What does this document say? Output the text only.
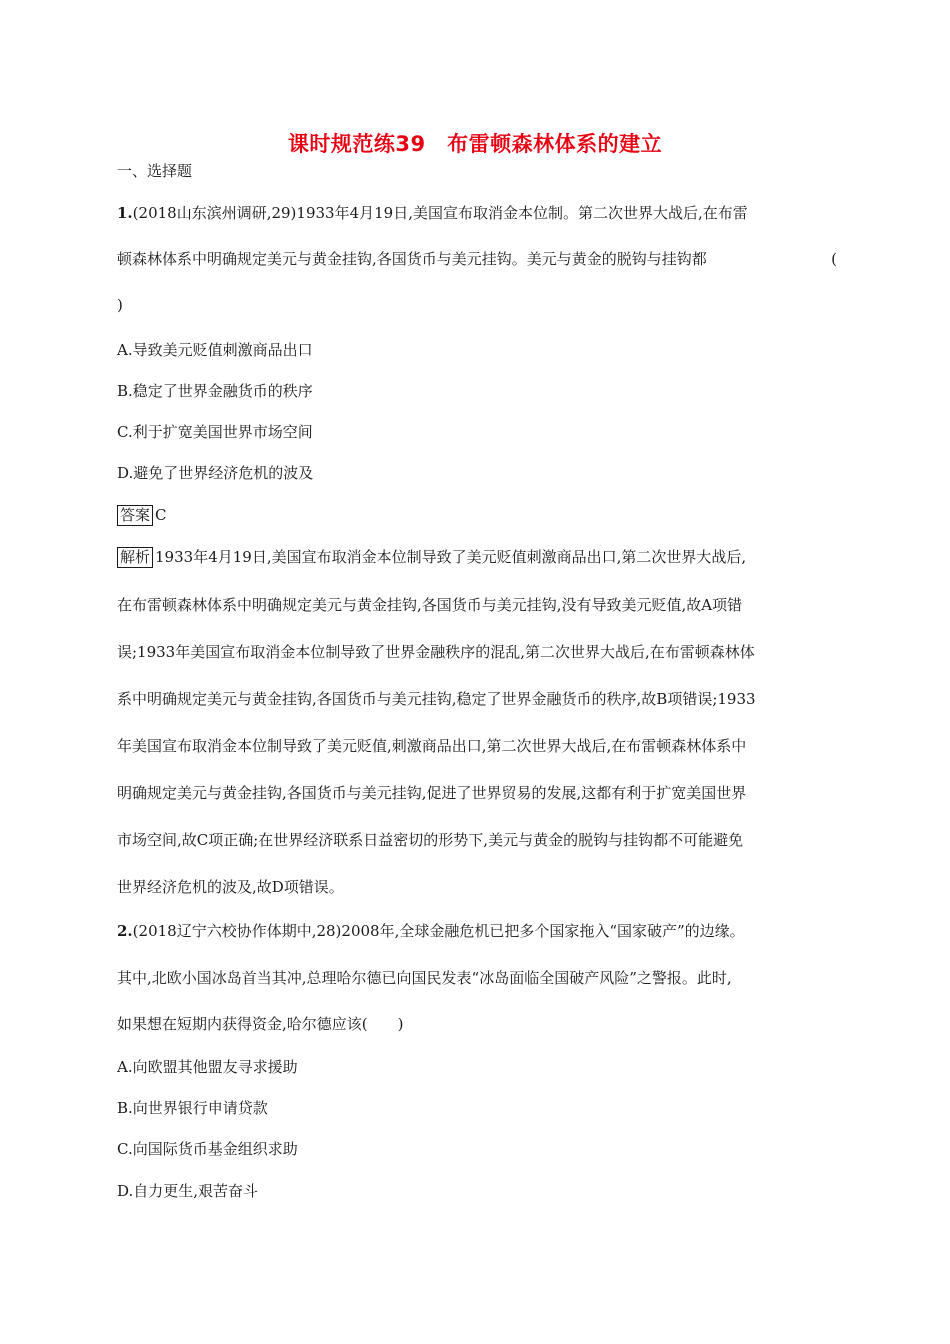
课时规范练39　布雷顿森林体系的建立
一、选择题
1.(2018山东滨州调研,29)1933年4月19日,美国宣布取消金本位制。第二次世界大战后,在布雷
顿森林体系中明确规定美元与黄金挂钩,各国货币与美元挂钩。美元与黄金的脱钩与挂钩都	(
)
A.导致美元贬值刺激商品出口
B.稳定了世界金融货币的秩序
C.利于扩宽美国世界市场空间
D.避免了世界经济危机的波及
答案 C
解析 1933年4月19日,美国宣布取消金本位制导致了美元贬值刺激商品出口,第二次世界大战后,
在布雷顿森林体系中明确规定美元与黄金挂钩,各国货币与美元挂钩,没有导致美元贬值,故A项错
误;1933年美国宣布取消金本位制导致了世界金融秩序的混乱,第二次世界大战后,在布雷顿森林体
系中明确规定美元与黄金挂钩,各国货币与美元挂钩,稳定了世界金融货币的秩序,故B项错误;1933
年美国宣布取消金本位制导致了美元贬值,刺激商品出口,第二次世界大战后,在布雷顿森林体系中
明确规定美元与黄金挂钩,各国货币与美元挂钩,促进了世界贸易的发展,这都有利于扩宽美国世界
市场空间,故C项正确;在世界经济联系日益密切的形势下,美元与黄金的脱钩与挂钩都不可能避免
世界经济危机的波及,故D项错误。
2.(2018辽宁六校协作体期中,28)2008年,全球金融危机已把多个国家拖入“国家破产”的边缘。
其中,北欧小国冰岛首当其冲,总理哈尔德已向国民发表“冰岛面临全国破产风险”之警报。此时,
如果想在短期内获得资金,哈尔德应该(　　)
A.向欧盟其他盟友寻求援助
B.向世界银行申请贷款
C.向国际货币基金组织求助
D.自力更生,艰苦奋斗
